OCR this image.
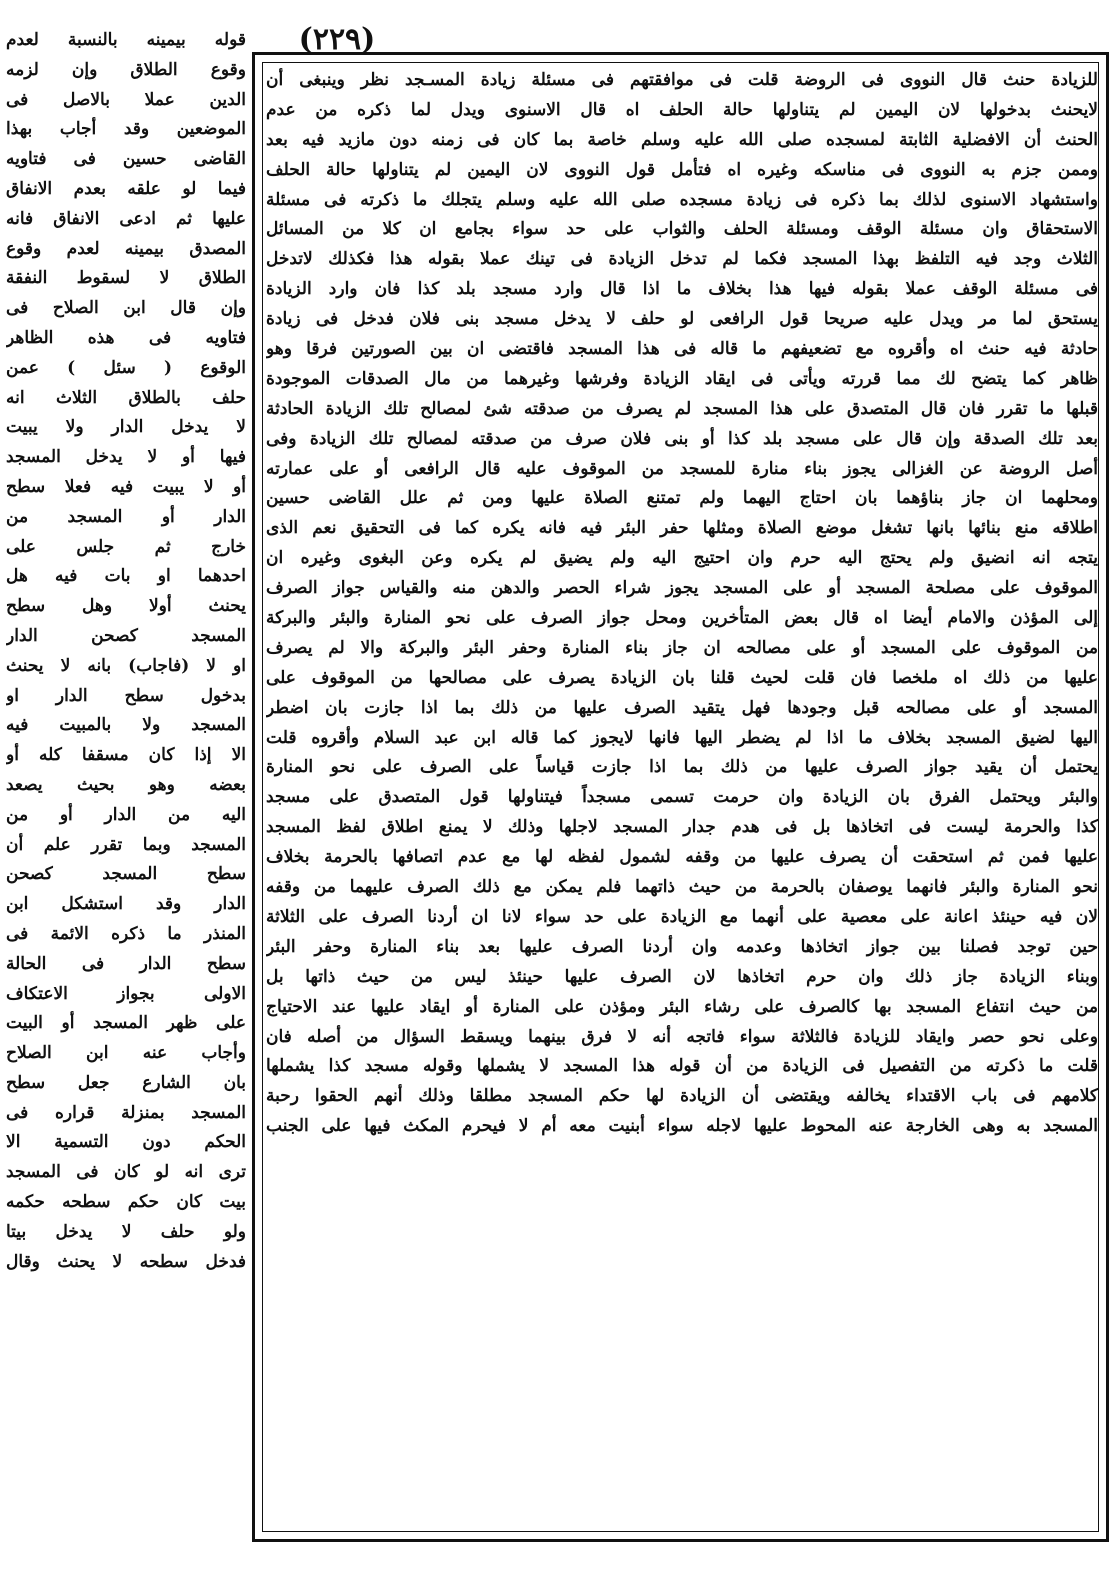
(٢٢٩)
للزيادة حنث قال النووى فى الروضة قلت فى موافقتهم فى مسئلة زيادة المسـجد نظر وينبغى أن
لايحنث بدخولها لان اليمين لم يتناولها حالة الحلف اه قال الاسنوى ويدل لما ذكره من عدم
الحنث أن الافضلية الثابتة لمسجده صلى الله عليه وسلم خاصة بما كان فى زمنه دون مازيد فيه بعد
وممن جزم به النووى فى مناسكه وغيره اه فتأمل قول النووى لان اليمين لم يتناولها حالة الحلف
واستشهاد الاسنوى لذلك بما ذكره فى زيادة مسجده صلى الله عليه وسلم يتجلك ما ذكرته فى مسئلة
الاستحقاق وان مسئلة الوقف ومسئلة الحلف والثواب على حد سواء بجامع ان كلا من المسائل
الثلاث وجد فيه التلفظ بهذا المسجد فكما لم تدخل الزيادة فى تينك عملا بقوله هذا فكذلك لاتدخل
فى مسئلة الوقف عملا بقوله فيها هذا بخلاف ما اذا قال وارد مسجد بلد كذا فان وارد الزيادة
يستحق لما مر ويدل عليه صريحا قول الرافعى لو حلف لا يدخل مسجد بنى فلان فدخل فى زيادة
حادثة فيه حنث اه وأقروه مع تضعيفهم ما قاله فى هذا المسجد فاقتضى ان بين الصورتين فرقا وهو
ظاهر كما يتضح لك مما قررته ويأتى فى ايقاد الزيادة وفرشها وغيرهما من مال الصدقات الموجودة
قبلها ما تقرر فان قال المتصدق على هذا المسجد لم يصرف من صدقته شئ لمصالح تلك الزيادة الحادثة
بعد تلك الصدقة وإن قال على مسجد بلد كذا أو بنى فلان صرف من صدقته لمصالح تلك الزيادة وفى
أصل الروضة عن الغزالى يجوز بناء منارة للمسجد من الموقوف عليه قال الرافعى أو على عمارته
ومحلهما ان جاز بناؤهما بان احتاج اليهما ولم تمتنع الصلاة عليها ومن ثم علل القاضى حسين
اطلاقه منع بنائها بانها تشغل موضع الصلاة ومثلها حفر البئر فيه فانه يكره كما فى التحقيق نعم الذى
يتجه انه انضيق ولم يحتج اليه حرم وان احتيج اليه ولم يضيق لم يكره وعن البغوى وغيره ان
الموقوف على مصلحة المسجد أو على المسجد يجوز شراء الحصر والدهن منه والقياس جواز الصرف
إلى المؤذن والامام أيضا اه قال بعض المتأخرين ومحل جواز الصرف على نحو المنارة والبئر والبركة
من الموقوف على المسجد أو على مصالحه ان جاز بناء المنارة وحفر البئر والبركة والا لم يصرف
عليها من ذلك اه ملخصا فان قلت لحيث قلنا بان الزيادة يصرف على مصالحها من الموقوف على
المسجد أو على مصالحه قبل وجودها فهل يتقيد الصرف عليها من ذلك بما اذا جازت بان اضطر
اليها لضيق المسجد بخلاف ما اذا لم يضطر اليها فانها لايجوز كما قاله ابن عبد السلام وأقروه قلت
يحتمل أن يقيد جواز الصرف عليها من ذلك بما اذا جازت قياساً على الصرف على نحو المنارة
والبئر ويحتمل الفرق بان الزيادة وان حرمت تسمى مسجداً فيتناولها قول المتصدق على مسجد
كذا والحرمة ليست فى اتخاذها بل فى هدم جدار المسجد لاجلها وذلك لا يمنع اطلاق لفظ المسجد
عليها فمن ثم استحقت أن يصرف عليها من وقفه لشمول لفظه لها مع عدم اتصافها بالحرمة بخلاف
نحو المنارة والبئر فانهما يوصفان بالحرمة من حيث ذاتهما فلم يمكن مع ذلك الصرف عليهما من وقفه
لان فيه حينئذ اعانة على معصية على أنهما مع الزيادة على حد سواء لانا ان أردنا الصرف على الثلاثة
حين توجد فصلنا بين جواز اتخاذها وعدمه وان أردنا الصرف عليها بعد بناء المنارة وحفر البئر
وبناء الزيادة جاز ذلك وان حرم اتخاذها لان الصرف عليها حينئذ ليس من حيث ذاتها بل
من حيث انتفاع المسجد بها كالصرف على رشاء البئر ومؤذن على المنارة أو ايقاد عليها عند الاحتياج
وعلى نحو حصر وايقاد للزيادة فالثلاثة سواء فاتجه أنه لا فرق بينهما ويسقط السؤال من أصله فان
قلت ما ذكرته من التفصيل فى الزيادة من أن قوله هذا المسجد لا يشملها وقوله مسجد كذا يشملها
كلامهم فى باب الاقتداء يخالفه ويقتضى أن الزيادة لها حكم المسجد مطلقا وذلك أنهم الحقوا رحبة
المسجد به وهى الخارجة عنه المحوط عليها لاجله سواء أبنيت معه أم لا فيحرم المكث فيها على الجنب
قوله بيمينه بالنسبة لعدم
وقوع الطلاق وإن لزمه
الدين عملا بالاصل فى
الموضعين وقد أجاب بهذا
القاضى حسين فى فتاويه
فيما لو علقه بعدم الانفاق
عليها ثم ادعى الانفاق فانه
المصدق بيمينه لعدم وقوع
الطلاق لا لسقوط النفقة
وإن قال ابن الصلاح فى
فتاويه فى هذه الظاهر
الوقوع ( سئل ) عمن
حلف بالطلاق الثلاث انه
لا يدخل الدار ولا يبيت
فيها أو لا يدخل المسجد
أو لا يبيت فيه فعلا سطح
الدار أو المسجد من
خارج ثم جلس على
احدهما او بات فيه هل
يحنث أولا وهل سطح
المسجد كصحن الدار
او لا (فاجاب) بانه لا يحنث
بدخول سطح الدار او
المسجد ولا بالمبيت فيه
الا إذا كان مسقفا كله أو
بعضه وهو بحيث يصعد
اليه من الدار أو من
المسجد وبما تقرر علم أن
سطح المسجد كصحن
الدار وقد استشكل ابن
المنذر ما ذكره الائمة فى
سطح الدار فى الحالة
الاولى بجواز الاعتكاف
على ظهر المسجد أو البيت
وأجاب عنه ابن الصلاح
بان الشارع جعل سطح
المسجد بمنزلة قراره فى
الحكم دون التسمية الا
ترى انه لو كان فى المسجد
بيت كان حكم سطحه حكمه
ولو حلف لا يدخل بيتا
فدخل سطحه لا يحنث وقال
